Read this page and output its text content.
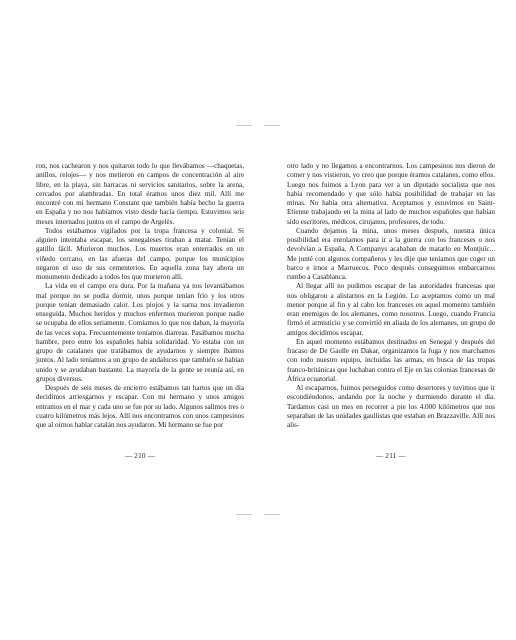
ron, nos cachearon y nos quitaron todo lo que llevábamos —chaquetas, anillos, relojes— y nos metieron en campos de concentración al aire libre, en la playa, sin barracas ni servicios sanitarios, sobre la arena, cercados por alambradas. En total éramos unos diez mil. Allí me encontré con mi hermano Constant que también había hecho la guerra en España y no nos habíamos visto desde hacía tiempo. Estuvimos seis meses internados juntos en el campo de Argelès.

Todos estábamos vigilados por la tropa francesa y colonial. Si alguien intentaba escapar, los senegaleses tiraban a matar. Tenían el gatillo fácil. Murieron muchos. Los muertos eran enterrados en un viñedo cercano, en las afueras del campo, porque los municipios negaron el uso de sus cementerios. En aquella zona hay ahora un monumento dedicado a todos los que murieron allí.

La vida en el campo era dura. Por la mañana ya nos levantábamos mal porque no se podía dormir, unos porque tenían frío y los otros porque tenían demasiado calor. Los piojos y la sarna nos invadieron enseguida. Muchos heridos y muchos enfermos murieron porque nadie se ocupaba de ellos seriamente. Comíamos lo que nos daban, la mayoría de las veces sopa. Frecuentemente teníamos diarreas. Pasábamos mucha hambre, pero entre los españoles había solidaridad. Yo estaba con un grupo de catalanes que tratábamos de ayudarnos y siempre íbamos juntos. Al lado teníamos a un grupo de andaluces que también se habían unido y se ayudaban bastante. La mayoría de la gente se reunía así, en grupos diversos.

Después de seis meses de encierro estábamos tan hartos que un día decidimos arriesgarnos y escapar. Con mi hermano y unos amigos entramos en el mar y cada uno se fue por su lado. Algunos salimos tres o cuatro kilómetros más lejos. Allí nos encontramos con unos campesinos que al oírnos hablar catalán nos ayudaron. Mi hermano se fue por

— 210 —

otro lado y no llegamos a encontrarnos. Los campesinos nos dieron de comer y nos vistieron, yo creo que porque éramos catalanes, como ellos. Luego nos fuimos a Lyon para ver a un diputado socialista que nos había recomendado y que sólo había posibilidad de trabajar en las minas. No había otra alternativa. Aceptamos y estuvimos en Saint-Etienne trabajando en la mina al lado de muchos españoles que habían sido escritores, médicos, cirujanos, profesores, de todo.

Cuando dejamos la mina, unos meses después, nuestra única posibilidad era enrolarnos para ir a la guerra con los franceses o nos devolvían a España. A Companys acababan de matarlo en Montjuïc... Me junté con algunos compañeros y les dije que teníamos que coger un barco e irnos a Marruecos. Poco después conseguimos embarcarnos rumbo a Casablanca.

Al llegar allí no pudimos escapar de las autoridades francesas que nos obligaron a alistarnos en la Legión. Lo aceptamos como un mal menor porque al fin y al cabo los franceses en aquel momento también eran enemigos de los alemanes, como nosotros. Luego, cuando Francia firmó el armisticio y se convirtió en aliada de los alemanes, un grupo de amigos decidimos escapar.

En aquel momento estábamos destinados en Senegal y después del fracaso de De Gaulle en Dakar, organizamos la fuga y nos marchamos con todo nuestro equipo, incluidas las armas, en busca de las tropas franco-británicas que luchaban contra el Eje en las colonias francesas de África ecuatorial.

Al escaparnos, fuimos perseguidos como desertores y tuvimos que ir escondiéndonos, andando por la noche y durmiendo durante el día. Tardamos casi un mes en recorrer a pie los 4.000 kilómetros que nos separaban de las unidades gaullistas que estaban en Brazzaville. Allí nos alis-

— 211 —
